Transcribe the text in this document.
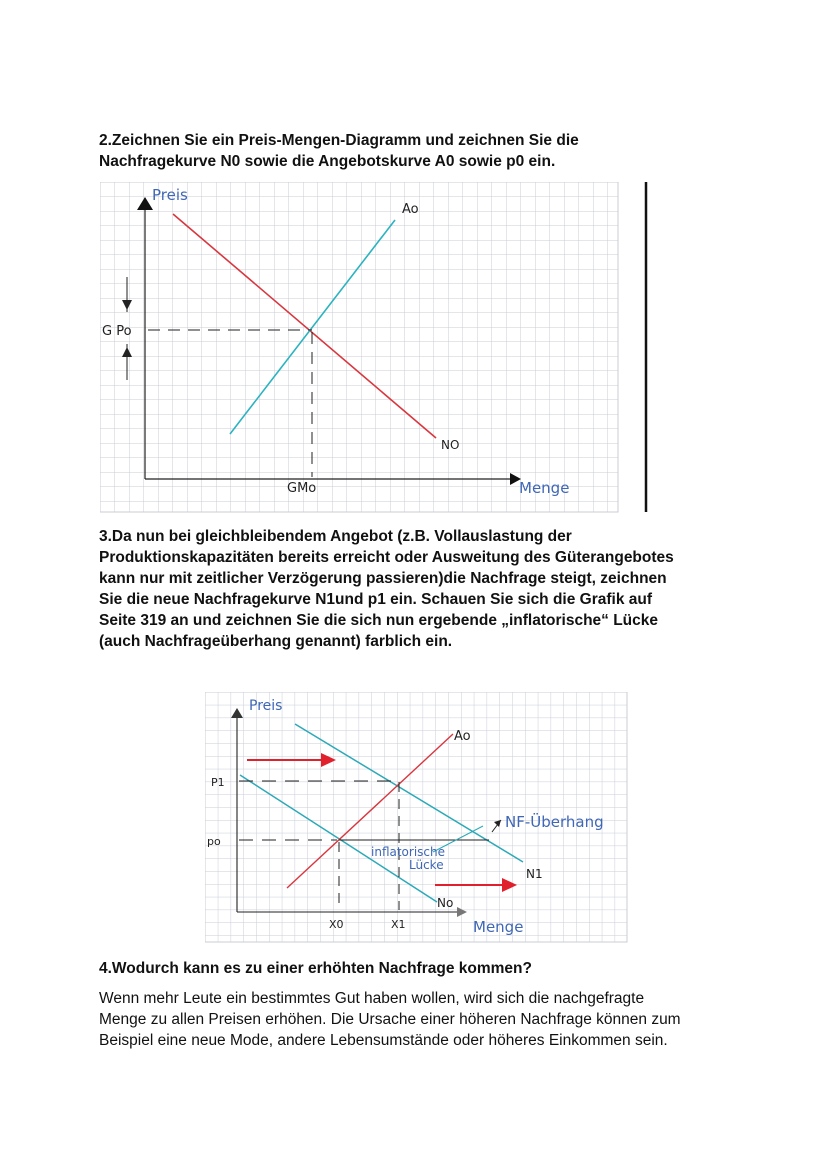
2.Zeichnen Sie ein Preis-Mengen-Diagramm und zeichnen Sie die
Nachfragekurve N0 sowie die Angebotskurve A0 sowie p0 ein.

Preis
Ao
NO
G Po
GMo	Menge

3.Da nun bei gleichbleibendem Angebot (z.B. Vollauslastung der
Produktionskapazitäten bereits erreicht oder Ausweitung des Güterangebotes
kann nur mit zeitlicher Verzögerung passieren)die Nachfrage steigt, zeichnen
Sie die neue Nachfragekurve N1und p1 ein. Schauen Sie sich die Grafik auf
Seite 319 an und zeichnen Sie die sich nun ergebende „inflatorische“ Lücke
(auch Nachfrageüberhang genannt) farblich ein.

Preis
Ao
P1
po
NF-Überhang
inflatorische
Lücke
N1
No
X0	X1	Menge

4.Wodurch kann es zu einer erhöhten Nachfrage kommen?

Wenn mehr Leute ein bestimmtes Gut haben wollen, wird sich die nachgefragte
Menge zu allen Preisen erhöhen. Die Ursache einer höheren Nachfrage können zum
Beispiel eine neue Mode, andere Lebensumstände oder höheres Einkommen sein.
